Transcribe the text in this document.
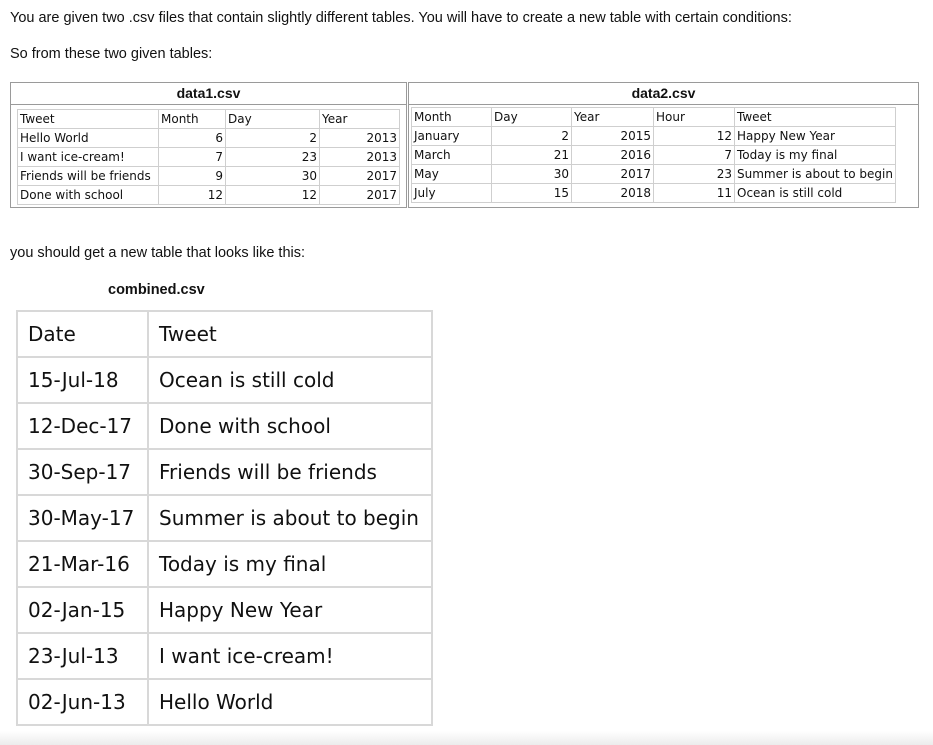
You are given two .csv files that contain slightly different tables. You will have to create a new table with certain conditions:
So from these two given tables:
data1.csv
Tweet	Month	Day	Year
Hello World	6	2	2013
I want ice-cream!	7	23	2013
Friends will be friends	9	30	2017
Done with school	12	12	2017
data2.csv
Month	Day	Year	Hour	Tweet
January	2	2015	12	Happy New Year
March	21	2016	7	Today is my final
May	30	2017	23	Summer is about to begin
July	15	2018	11	Ocean is still cold
you should get a new table that looks like this:
combined.csv
Date	Tweet
15-Jul-18	Ocean is still cold
12-Dec-17	Done with school
30-Sep-17	Friends will be friends
30-May-17	Summer is about to begin
21-Mar-16	Today is my final
02-Jan-15	Happy New Year
23-Jul-13	I want ice-cream!
02-Jun-13	Hello World
